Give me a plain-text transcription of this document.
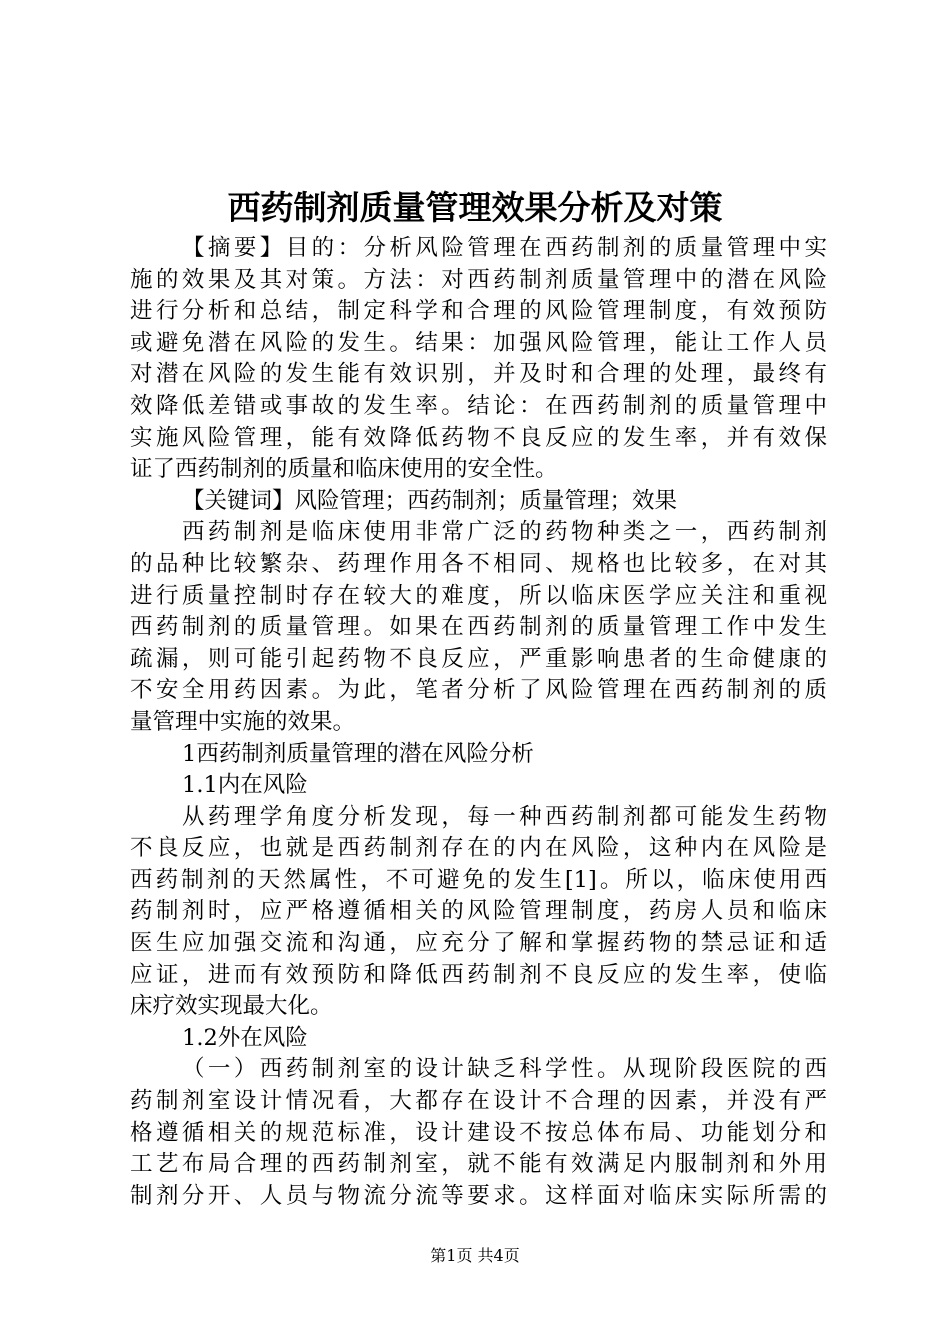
西药制剂质量管理效果分析及对策
【摘要】目的：分析风险管理在西药制剂的质量管理中实
施的效果及其对策。方法：对西药制剂质量管理中的潜在风险
进行分析和总结，制定科学和合理的风险管理制度，有效预防
或避免潜在风险的发生。结果：加强风险管理，能让工作人员
对潜在风险的发生能有效识别，并及时和合理的处理，最终有
效降低差错或事故的发生率。结论：在西药制剂的质量管理中
实施风险管理，能有效降低药物不良反应的发生率，并有效保
证了西药制剂的质量和临床使用的安全性。
【关键词】风险管理；西药制剂；质量管理；效果
西药制剂是临床使用非常广泛的药物种类之一，西药制剂
的品种比较繁杂、药理作用各不相同、规格也比较多，在对其
进行质量控制时存在较大的难度，所以临床医学应关注和重视
西药制剂的质量管理。如果在西药制剂的质量管理工作中发生
疏漏，则可能引起药物不良反应，严重影响患者的生命健康的
不安全用药因素。为此，笔者分析了风险管理在西药制剂的质
量管理中实施的效果。
1西药制剂质量管理的潜在风险分析
1.1内在风险
从药理学角度分析发现，每一种西药制剂都可能发生药物
不良反应，也就是西药制剂存在的内在风险，这种内在风险是
西药制剂的天然属性，不可避免的发生[1]。所以，临床使用西
药制剂时，应严格遵循相关的风险管理制度，药房人员和临床
医生应加强交流和沟通，应充分了解和掌握药物的禁忌证和适
应证，进而有效预防和降低西药制剂不良反应的发生率，使临
床疗效实现最大化。
1.2外在风险
（一）西药制剂室的设计缺乏科学性。从现阶段医院的西
药制剂室设计情况看，大都存在设计不合理的因素，并没有严
格遵循相关的规范标准，设计建设不按总体布局、功能划分和
工艺布局合理的西药制剂室，就不能有效满足内服制剂和外用
制剂分开、人员与物流分流等要求。这样面对临床实际所需的
第1页 共4页
